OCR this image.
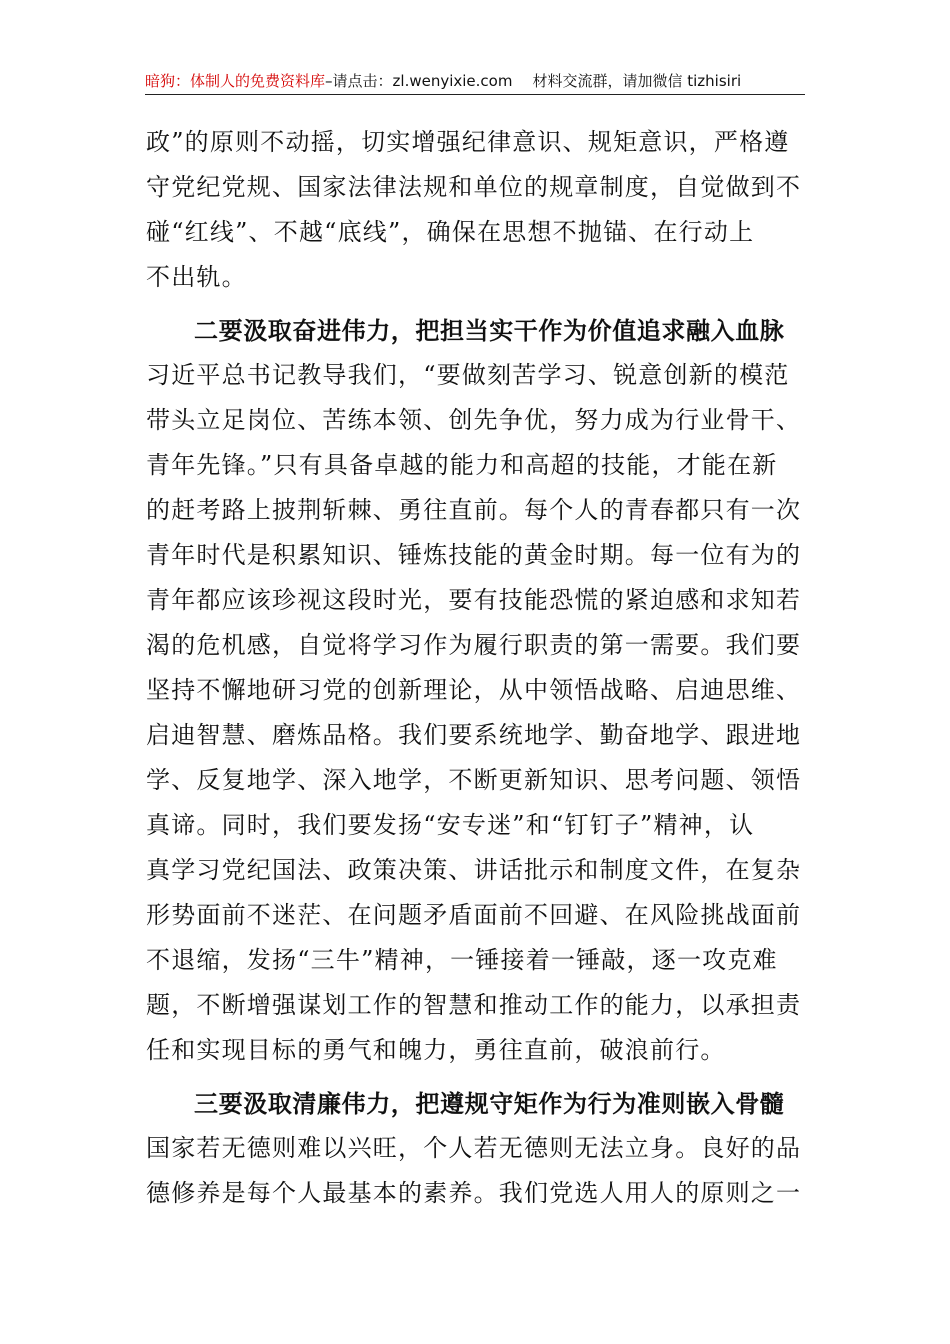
暗狗：体制人的免费资料库–请点击：zl.wenyixie.com 材料交流群，请加微信 tizhisiri
政”的原则不动摇，切实增强纪律意识、规矩意识，严格遵
守党纪党规、国家法律法规和单位的规章制度，自觉做到不
碰“红线”、不越“底线”，确保在思想不抛锚、在行动上
不出轨。
二要汲取奋进伟力，把担当实干作为价值追求融入血脉
习近平总书记教导我们，“要做刻苦学习、锐意创新的模范
带头立足岗位、苦练本领、创先争优，努力成为行业骨干、
青年先锋。”只有具备卓越的能力和高超的技能，才能在新
的赶考路上披荆斩棘、勇往直前。每个人的青春都只有一次
青年时代是积累知识、锤炼技能的黄金时期。每一位有为的
青年都应该珍视这段时光，要有技能恐慌的紧迫感和求知若
渴的危机感，自觉将学习作为履行职责的第一需要。我们要
坚持不懈地研习党的创新理论，从中领悟战略、启迪思维、
启迪智慧、磨炼品格。我们要系统地学、勤奋地学、跟进地
学、反复地学、深入地学，不断更新知识、思考问题、领悟
真谛。同时，我们要发扬“安专迷”和“钉钉子”精神，认
真学习党纪国法、政策决策、讲话批示和制度文件，在复杂
形势面前不迷茫、在问题矛盾面前不回避、在风险挑战面前
不退缩，发扬“三牛”精神，一锤接着一锤敲，逐一攻克难
题，不断增强谋划工作的智慧和推动工作的能力，以承担责
任和实现目标的勇气和魄力，勇往直前，破浪前行。
三要汲取清廉伟力，把遵规守矩作为行为准则嵌入骨髓
国家若无德则难以兴旺，个人若无德则无法立身。良好的品
德修养是每个人最基本的素养。我们党选人用人的原则之一
